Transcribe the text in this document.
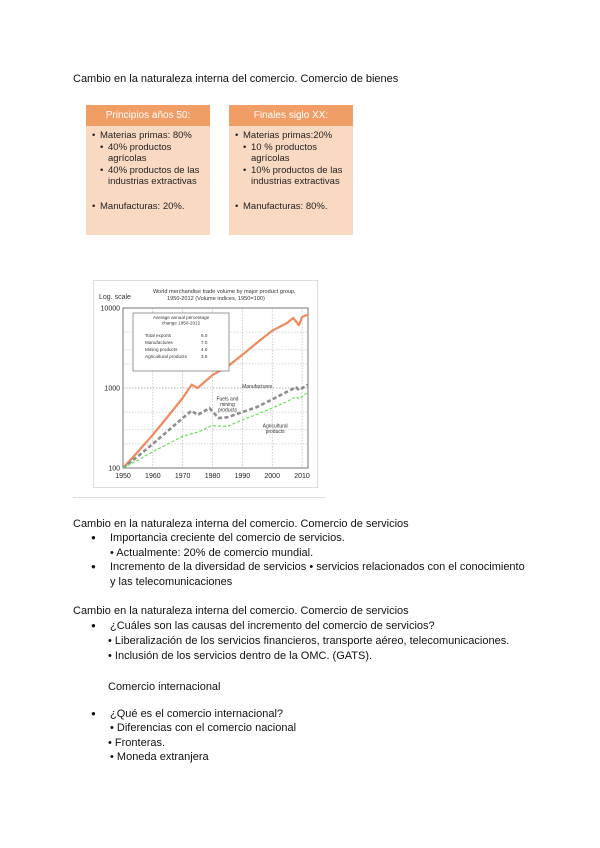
Cambio en la naturaleza interna del comercio. Comercio de bienes
Principios años 50:
• Materias primas: 80%
• 40% productos agrícolas
• 40% productos de las industrias extractivas
• Manufacturas: 20%.
Finales siglo XX:
• Materias primas:20%
• 10 % productos agrícolas
• 10% productos de las industrias extractivas
• Manufacturas: 80%.
Log. scale
World merchandise trade volume by major product group, 1950-2012 (Volume indices, 1950=100)
Manufactures
Fuels and mining products
Agricultural products
1950 1960 1970 1980 1990 2000 2010
100
1000
10000
Average annual percentage change 1950-2012
Total exports	6.0
Manufactures	7.0
Mining products	4.0
Agricultural products	3.5
Cambio en la naturaleza interna del comercio. Comercio de servicios
● Importancia creciente del comercio de servicios.
• Actualmente: 20% de comercio mundial.
● Incremento de la diversidad de servicios • servicios relacionados con el conocimiento
y las telecomunicaciones
Cambio en la naturaleza interna del comercio. Comercio de servicios
● ¿Cuáles son las causas del incremento del comercio de servicios?
• Liberalización de los servicios financieros, transporte aéreo, telecomunicaciones.
• Inclusión de los servicios dentro de la OMC. (GATS).
Comercio internacional
● ¿Qué es el comercio internacional?
• Diferencias con el comercio nacional
• Fronteras.
• Moneda extranjera
